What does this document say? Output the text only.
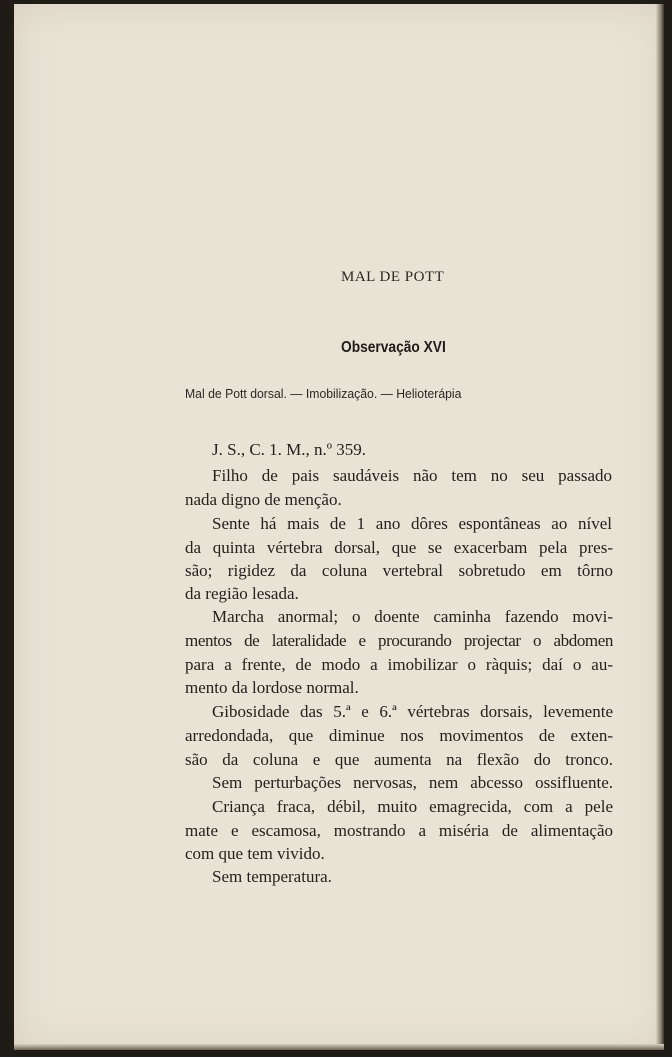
MAL DE POTT
Observação XVI
Mal de Pott dorsal. — Imobilização. — Helioterápia
J. S., C. 1. M., n.º 359.
Filho de pais saudáveis não tem no seu passado
nada digno de menção.
Sente há mais de 1 ano dôres espontâneas ao nível
da quinta vértebra dorsal, que se exacerbam pela pres-
são; rigidez da coluna vertebral sobretudo em tôrno
da região lesada.
Marcha anormal; o doente caminha fazendo movi-
mentos de lateralidade e procurando projectar o abdomen
para a frente, de modo a imobilizar o ràquis; daí o au-
mento da lordose normal.
Gibosidade das 5.ª e 6.ª vértebras dorsais, levemente
arredondada, que diminue nos movimentos de exten-
são da coluna e que aumenta na flexão do tronco.
Sem perturbações nervosas, nem abcesso ossifluente.
Criança fraca, débil, muito emagrecida, com a pele
mate e escamosa, mostrando a miséria de alimentação
com que tem vivido.
Sem temperatura.
